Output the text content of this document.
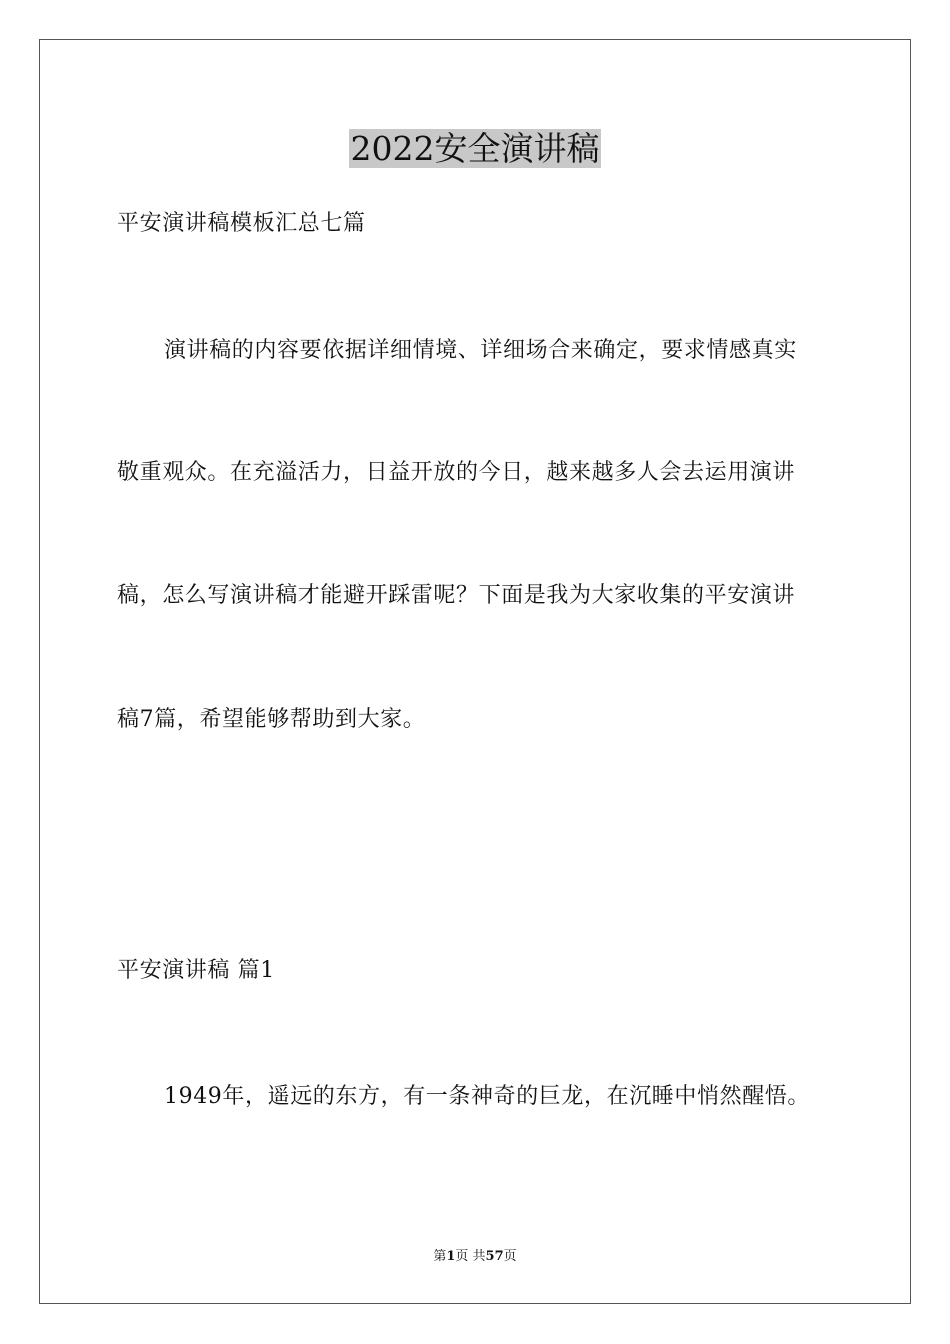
2022安全演讲稿
平安演讲稿模板汇总七篇
演讲稿的内容要依据详细情境、详细场合来确定，要求情感真实
敬重观众。在充溢活力，日益开放的今日，越来越多人会去运用演讲
稿，怎么写演讲稿才能避开踩雷呢？下面是我为大家收集的平安演讲
稿7篇，希望能够帮助到大家。
平安演讲稿 篇1
1949年，遥远的东方，有一条神奇的巨龙，在沉睡中悄然醒悟。
第1页 共57页
